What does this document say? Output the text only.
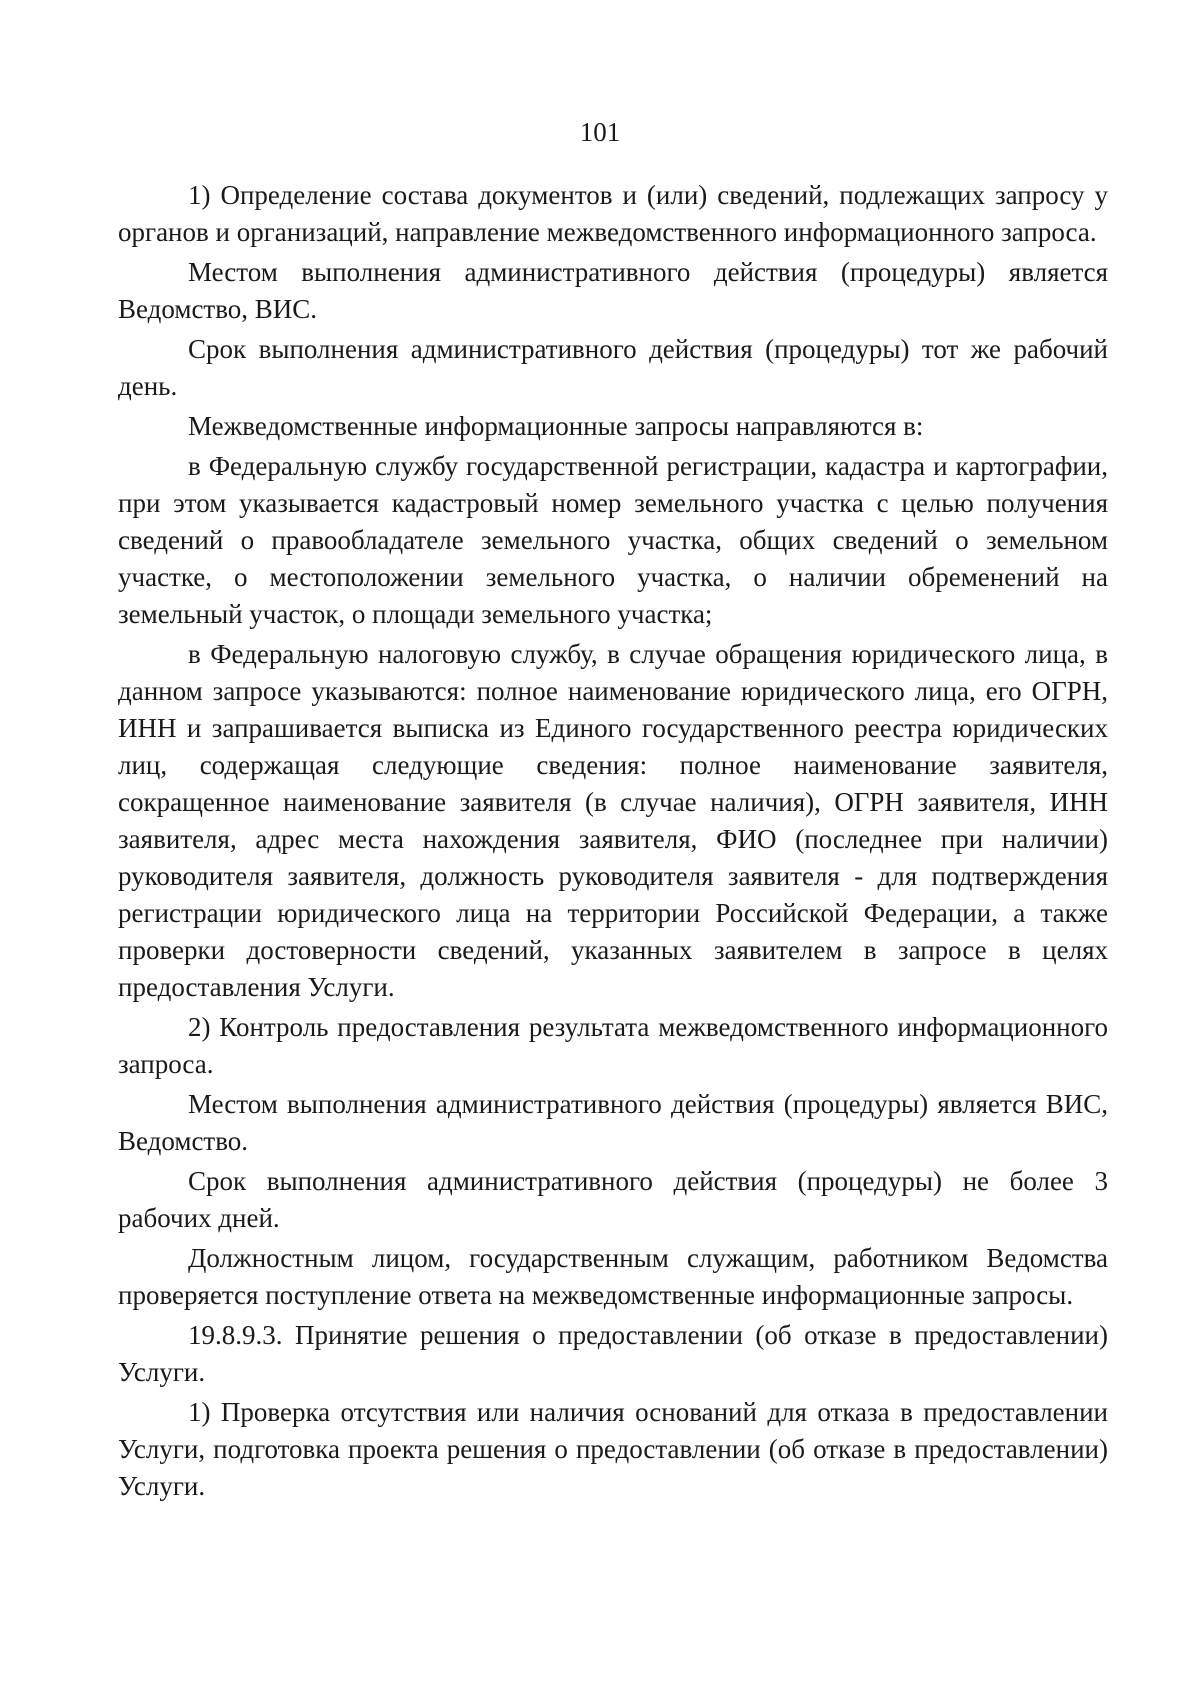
101

1) Определение состава документов и (или) сведений, подлежащих запросу у органов и организаций, направление межведомственного информационного запроса.

Местом выполнения административного действия (процедуры) является Ведомство, ВИС.

Срок выполнения административного действия (процедуры) тот же рабочий день.

Межведомственные информационные запросы направляются в:

в Федеральную службу государственной регистрации, кадастра и картографии, при этом указывается кадастровый номер земельного участка с целью получения сведений о правообладателе земельного участка, общих сведений о земельном участке, о местоположении земельного участка, о наличии обременений на земельный участок, о площади земельного участка;

в Федеральную налоговую службу, в случае обращения юридического лица, в данном запросе указываются: полное наименование юридического лица, его ОГРН, ИНН и запрашивается выписка из Единого государственного реестра юридических лиц, содержащая следующие сведения: полное наименование заявителя, сокращенное наименование заявителя (в случае наличия), ОГРН заявителя, ИНН заявителя, адрес места нахождения заявителя, ФИО (последнее при наличии) руководителя заявителя, должность руководителя заявителя - для подтверждения регистрации юридического лица на территории Российской Федерации, а также проверки достоверности сведений, указанных заявителем в запросе в целях предоставления Услуги.

2) Контроль предоставления результата межведомственного информационного запроса.

Местом выполнения административного действия (процедуры) является ВИС, Ведомство.

Срок выполнения административного действия (процедуры) не более 3 рабочих дней.

Должностным лицом, государственным служащим, работником Ведомства проверяется поступление ответа на межведомственные информационные запросы.

19.8.9.3. Принятие решения о предоставлении (об отказе в предоставлении) Услуги.

1) Проверка отсутствия или наличия оснований для отказа в предоставлении Услуги, подготовка проекта решения о предоставлении (об отказе в предоставлении) Услуги.
